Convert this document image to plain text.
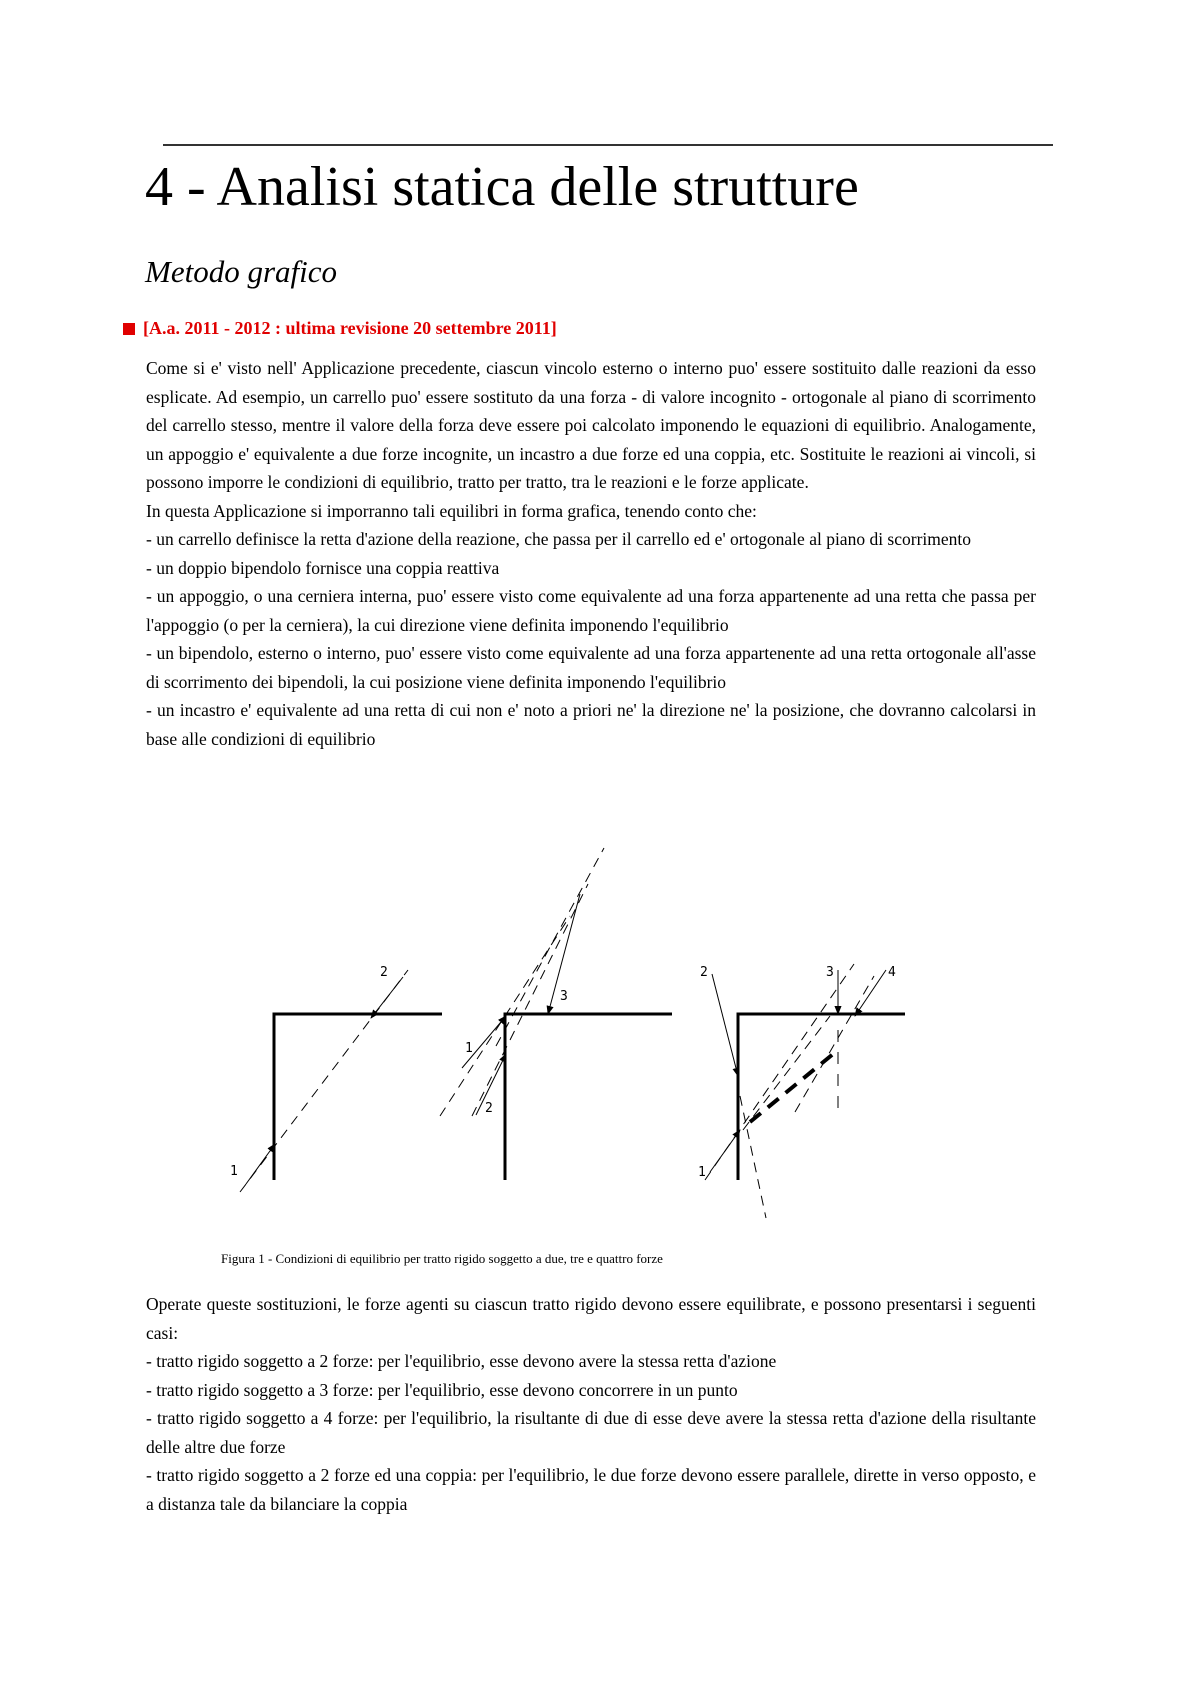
4 - Analisi statica delle strutture
Metodo grafico
[A.a. 2011 - 2012 : ultima revisione 20 settembre 2011]

Come si e' visto nell' Applicazione precedente, ciascun vincolo esterno o interno puo' essere sostituito dalle reazioni da esso esplicate. Ad esempio, un carrello puo' essere sostituto da una forza - di valore incognito - ortogonale al piano di scorrimento del carrello stesso, mentre il valore della forza deve essere poi calcolato imponendo le equazioni di equilibrio. Analogamente, un appoggio e' equivalente a due forze incognite, un incastro a due forze ed una coppia, etc. Sostituite le reazioni ai vincoli, si possono imporre le condizioni di equilibrio, tratto per tratto, tra le reazioni e le forze applicate.

In questa Applicazione si imporranno tali equilibri in forma grafica, tenendo conto che:

- un carrello definisce la retta d'azione della reazione, che passa per il carrello ed e' ortogonale al piano di scorrimento

- un doppio bipendolo fornisce una coppia reattiva

- un appoggio, o una cerniera interna, puo' essere visto come equivalente ad una forza appartenente ad una retta che passa per l'appoggio (o per la cerniera), la cui direzione viene definita imponendo l'equilibrio

- un bipendolo, esterno o interno, puo' essere visto come equivalente ad una forza appartenente ad una retta ortogonale all'asse di scorrimento dei bipendoli, la cui posizione viene definita imponendo l'equilibrio

- un incastro e' equivalente ad una retta di cui non e' noto a priori ne' la direzione ne' la posizione, che dovranno calcolarsi in base alle condizioni di equilibrio

1
2
1
2
3
1
2	3	4
Figura 1 - Condizioni di equilibrio per tratto rigido soggetto a due, tre e quattro forze

Operate queste sostituzioni, le forze agenti su ciascun tratto rigido devono essere equilibrate, e possono presentarsi i seguenti casi:

- tratto rigido soggetto a 2 forze: per l'equilibrio, esse devono avere la stessa retta d'azione

- tratto rigido soggetto a 3 forze: per l'equilibrio, esse devono concorrere in un punto

- tratto rigido soggetto a 4 forze: per l'equilibrio, la risultante di due di esse deve avere la stessa retta d'azione della risultante delle altre due forze

- tratto rigido soggetto a 2 forze ed una coppia: per l'equilibrio, le due forze devono essere parallele, dirette in verso opposto, e a distanza tale da bilanciare la coppia
